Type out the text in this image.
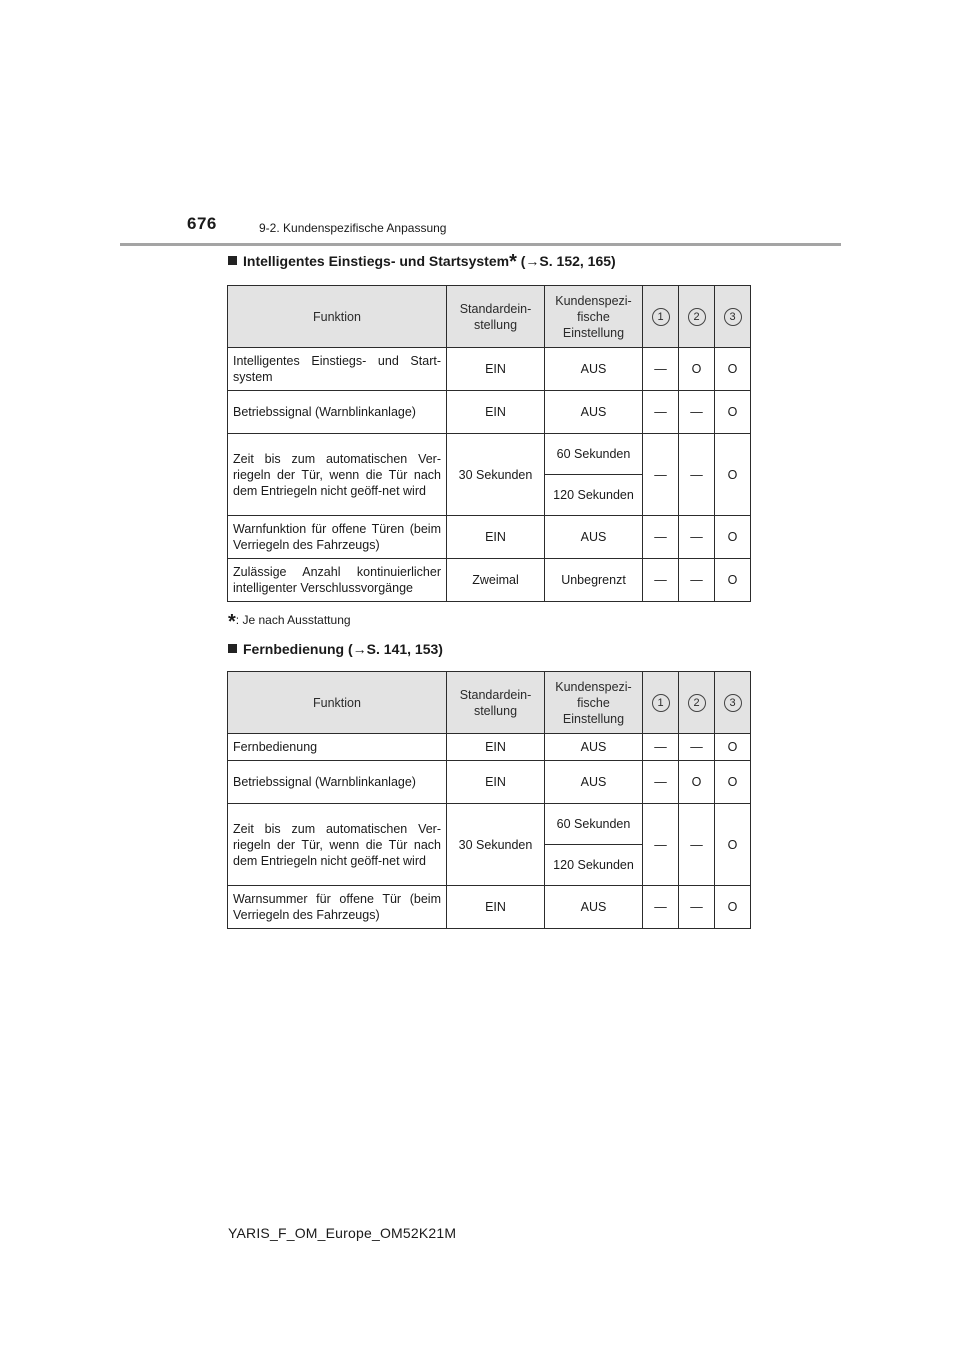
676	9-2. Kundenspezifische Anpassung
Intelligentes Einstiegs- und Startsystem* (→S. 152, 165)
Funktion	Standardein-stellung	Kundenspezi-fische Einstellung	1	2	3
Intelligentes Einstiegs- und Start-system	EIN	AUS	—	O	O
Betriebssignal (Warnblinkanlage)	EIN	AUS	—	—	O
Zeit bis zum automatischen Ver-riegeln der Tür, wenn die Tür nach dem Entriegeln nicht geöff-net wird	30 Sekunden	60 Sekunden	—	—	O
		120 Sekunden			
Warnfunktion für offene Türen (beim Verriegeln des Fahrzeugs)	EIN	AUS	—	—	O
Zulässige Anzahl kontinuierlicher intelligenter Verschlussvorgänge	Zweimal	Unbegrenzt	—	—	O
*: Je nach Ausstattung
Fernbedienung (→S. 141, 153)
Funktion	Standardein-stellung	Kundenspezi-fische Einstellung	1	2	3
Fernbedienung	EIN	AUS	—	—	O
Betriebssignal (Warnblinkanlage)	EIN	AUS	—	O	O
Zeit bis zum automatischen Ver-riegeln der Tür, wenn die Tür nach dem Entriegeln nicht geöff-net wird	30 Sekunden	60 Sekunden	—	—	O
		120 Sekunden			
Warnsummer für offene Tür (beim Verriegeln des Fahrzeugs)	EIN	AUS	—	—	O
YARIS_F_OM_Europe_OM52K21M
